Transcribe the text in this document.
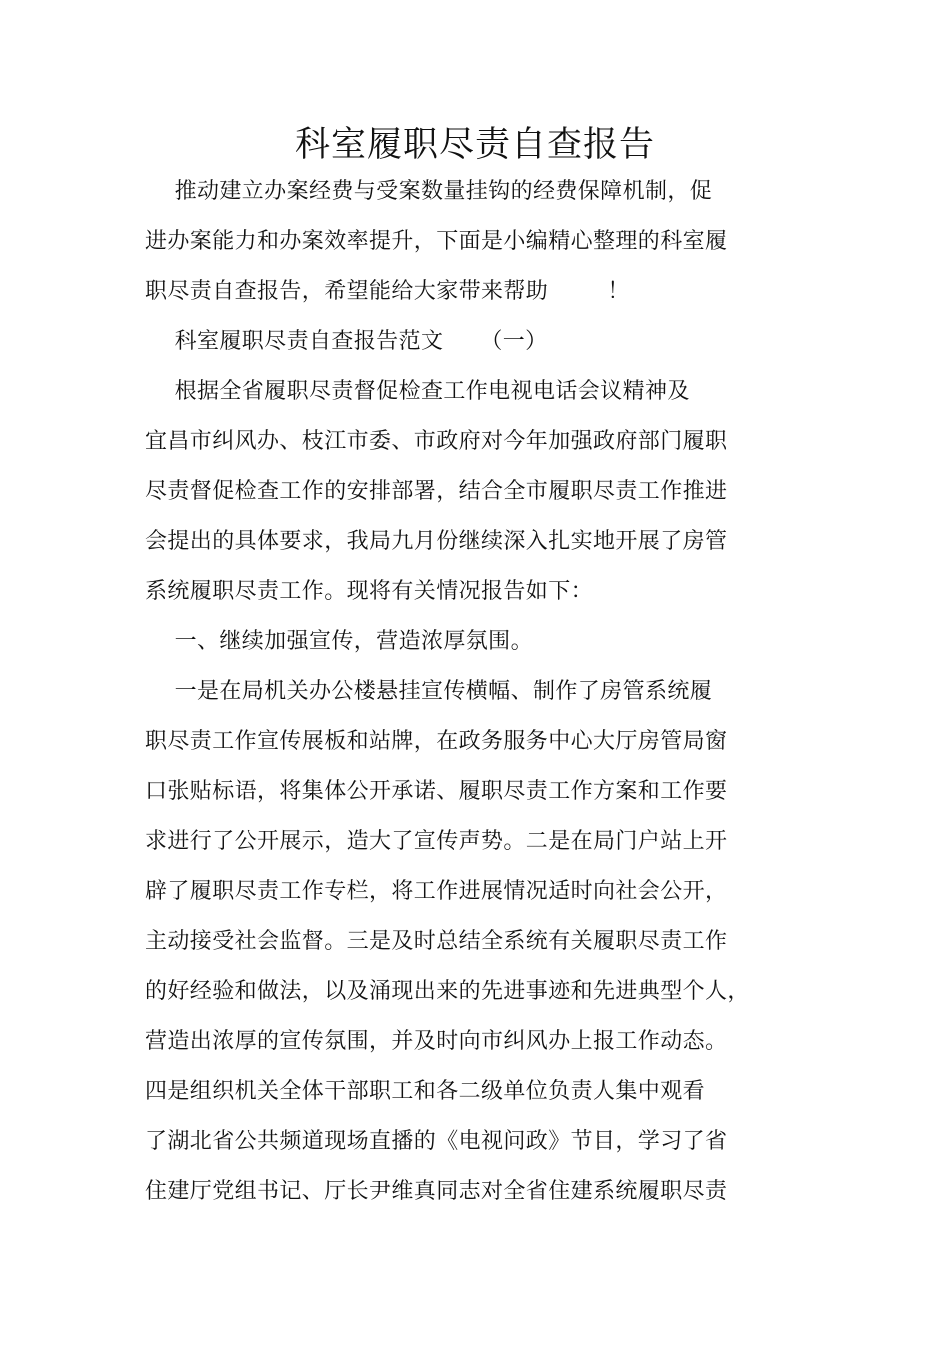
科室履职尽责自查报告
推动建立办案经费与受案数量挂钩的经费保障机制，促
进办案能力和办案效率提升，下面是小编精心整理的科室履
职尽责自查报告，希望能给大家带来帮助        ！
科室履职尽责自查报告范文     （一）
根据全省履职尽责督促检查工作电视电话会议精神及
宜昌市纠风办、枝江市委、市政府对今年加强政府部门履职
尽责督促检查工作的安排部署，结合全市履职尽责工作推进
会提出的具体要求，我局九月份继续深入扎实地开展了房管
系统履职尽责工作。现将有关情况报告如下：
一、继续加强宣传，营造浓厚氛围。
一是在局机关办公楼悬挂宣传横幅、制作了房管系统履
职尽责工作宣传展板和站牌，在政务服务中心大厅房管局窗
口张贴标语，将集体公开承诺、履职尽责工作方案和工作要
求进行了公开展示，造大了宣传声势。二是在局门户站上开
辟了履职尽责工作专栏，将工作进展情况适时向社会公开，
主动接受社会监督。三是及时总结全系统有关履职尽责工作
的好经验和做法，以及涌现出来的先进事迹和先进典型个人，
营造出浓厚的宣传氛围，并及时向市纠风办上报工作动态。
四是组织机关全体干部职工和各二级单位负责人集中观看
了湖北省公共频道现场直播的《电视问政》节目，学习了省
住建厅党组书记、厅长尹维真同志对全省住建系统履职尽责
